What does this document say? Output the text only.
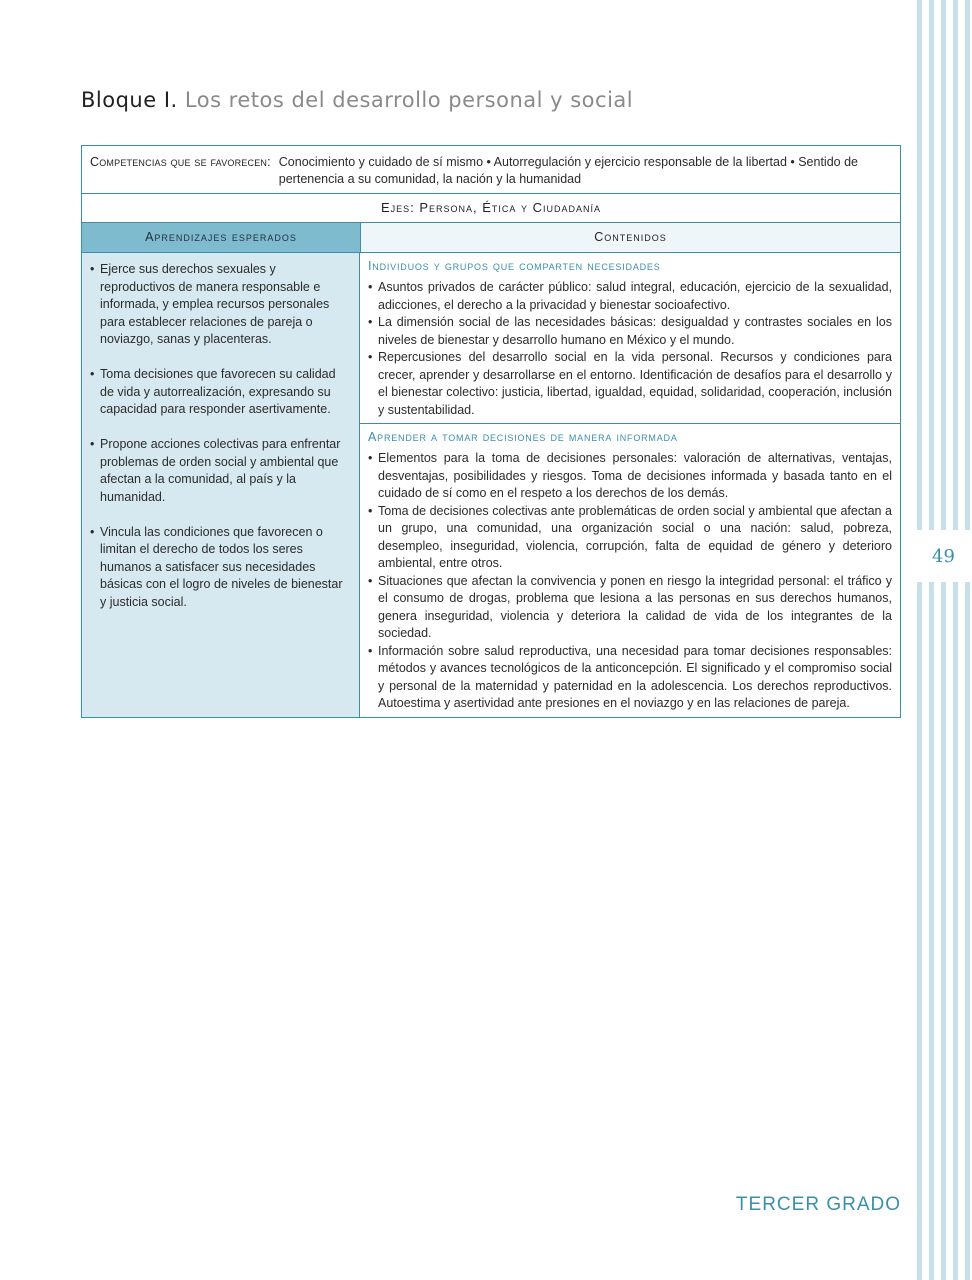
49
Bloque I. Los retos del desarrollo personal y social
Competencias que se favorecen: Conocimiento y cuidado de sí mismo • Autorregulación y ejercicio responsable de la libertad • Sentido de pertenencia a su comunidad, la nación y la humanidad
Ejes: Persona, Ética y Ciudadanía
Aprendizajes esperados	Contenidos
• Ejerce sus derechos sexuales y reproductivos de manera responsable e informada, y emplea recursos personales para establecer relaciones de pareja o noviazgo, sanas y placenteras.
• Toma decisiones que favorecen su calidad de vida y autorrealización, expresando su capacidad para responder asertivamente.
• Propone acciones colectivas para enfrentar problemas de orden social y ambiental que afectan a la comunidad, al país y la humanidad.
• Vincula las condiciones que favorecen o limitan el derecho de todos los seres humanos a satisfacer sus necesidades básicas con el logro de niveles de bienestar y justicia social.
Individuos y grupos que comparten necesidades
• Asuntos privados de carácter público: salud integral, educación, ejercicio de la sexualidad, adicciones, el derecho a la privacidad y bienestar socioafectivo.
• La dimensión social de las necesidades básicas: desigualdad y contrastes sociales en los niveles de bienestar y desarrollo humano en México y el mundo.
• Repercusiones del desarrollo social en la vida personal. Recursos y condiciones para crecer, aprender y desarrollarse en el entorno. Identificación de desafíos para el desarrollo y el bienestar colectivo: justicia, libertad, igualdad, equidad, solidaridad, cooperación, inclusión y sustentabilidad.
Aprender a tomar decisiones de manera informada
• Elementos para la toma de decisiones personales: valoración de alternativas, ventajas, desventajas, posibilidades y riesgos. Toma de decisiones informada y basada tanto en el cuidado de sí como en el respeto a los derechos de los demás.
• Toma de decisiones colectivas ante problemáticas de orden social y ambiental que afectan a un grupo, una comunidad, una organización social o una nación: salud, pobreza, desempleo, inseguridad, violencia, corrupción, falta de equidad de género y deterioro ambiental, entre otros.
• Situaciones que afectan la convivencia y ponen en riesgo la integridad personal: el tráfico y el consumo de drogas, problema que lesiona a las personas en sus derechos humanos, genera inseguridad, violencia y deteriora la calidad de vida de los integrantes de la sociedad.
• Información sobre salud reproductiva, una necesidad para tomar decisiones responsables: métodos y avances tecnológicos de la anticoncepción. El significado y el compromiso social y personal de la maternidad y paternidad en la adolescencia. Los derechos reproductivos. Autoestima y asertividad ante presiones en el noviazgo y en las relaciones de pareja.
TERCER GRADO
